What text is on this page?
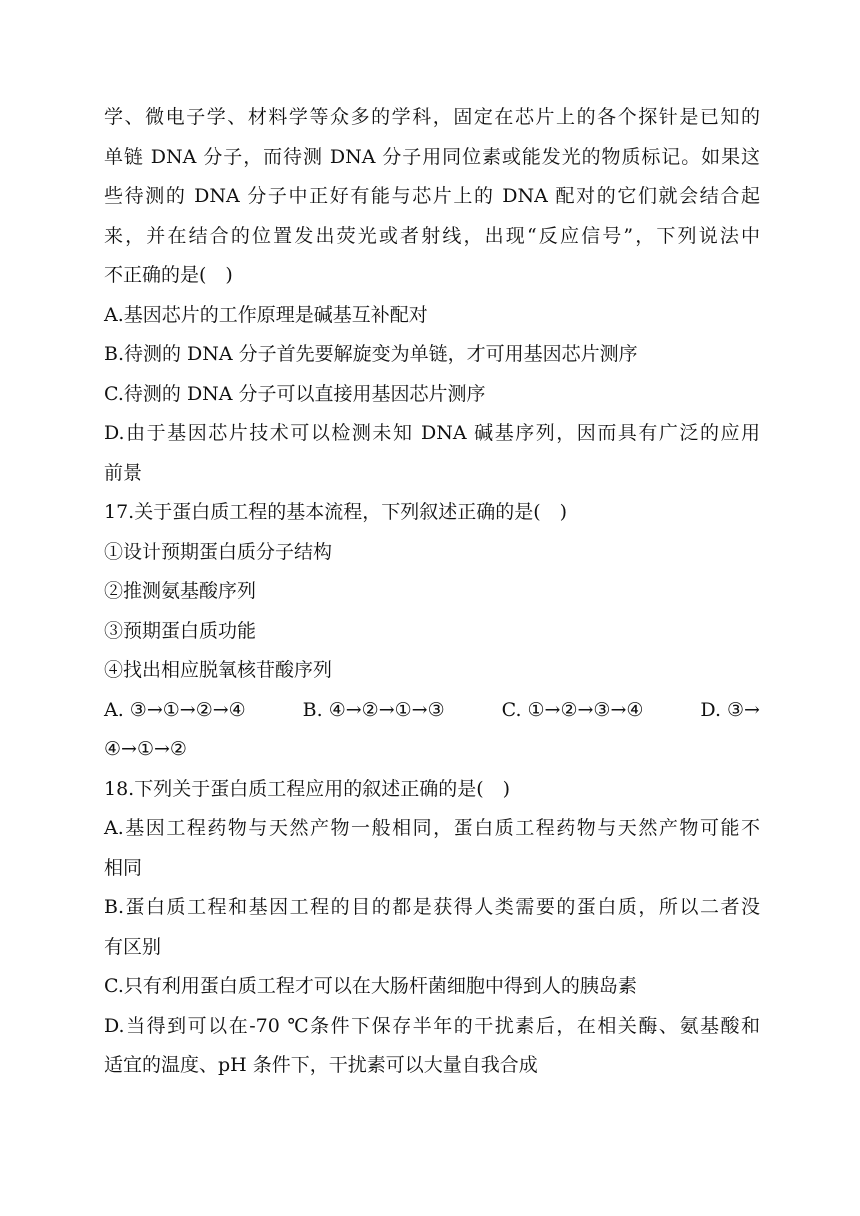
学、微电子学、材料学等众多的学科，固定在芯片上的各个探针是已知的
单链 DNA 分子，而待测 DNA 分子用同位素或能发光的物质标记。如果这
些待测的 DNA 分子中正好有能与芯片上的 DNA 配对的它们就会结合起
来，并在结合的位置发出荧光或者射线，出现“反应信号”，下列说法中
不正确的是(　)
A.基因芯片的工作原理是碱基互补配对
B.待测的 DNA 分子首先要解旋变为单链，才可用基因芯片测序
C.待测的 DNA 分子可以直接用基因芯片测序
D.由于基因芯片技术可以检测未知 DNA 碱基序列，因而具有广泛的应用
前景
17.关于蛋白质工程的基本流程，下列叙述正确的是(　)
①设计预期蛋白质分子结构
②推测氨基酸序列
③预期蛋白质功能
④找出相应脱氧核苷酸序列
A. ③→①→②→④	B. ④→②→①→③	C. ①→②→③→④	D. ③→
④→①→②
18.下列关于蛋白质工程应用的叙述正确的是(　)
A.基因工程药物与天然产物一般相同，蛋白质工程药物与天然产物可能不
相同
B.蛋白质工程和基因工程的目的都是获得人类需要的蛋白质，所以二者没
有区别
C.只有利用蛋白质工程才可以在大肠杆菌细胞中得到人的胰岛素
D.当得到可以在-70 ℃条件下保存半年的干扰素后，在相关酶、氨基酸和
适宜的温度、pH 条件下，干扰素可以大量自我合成
